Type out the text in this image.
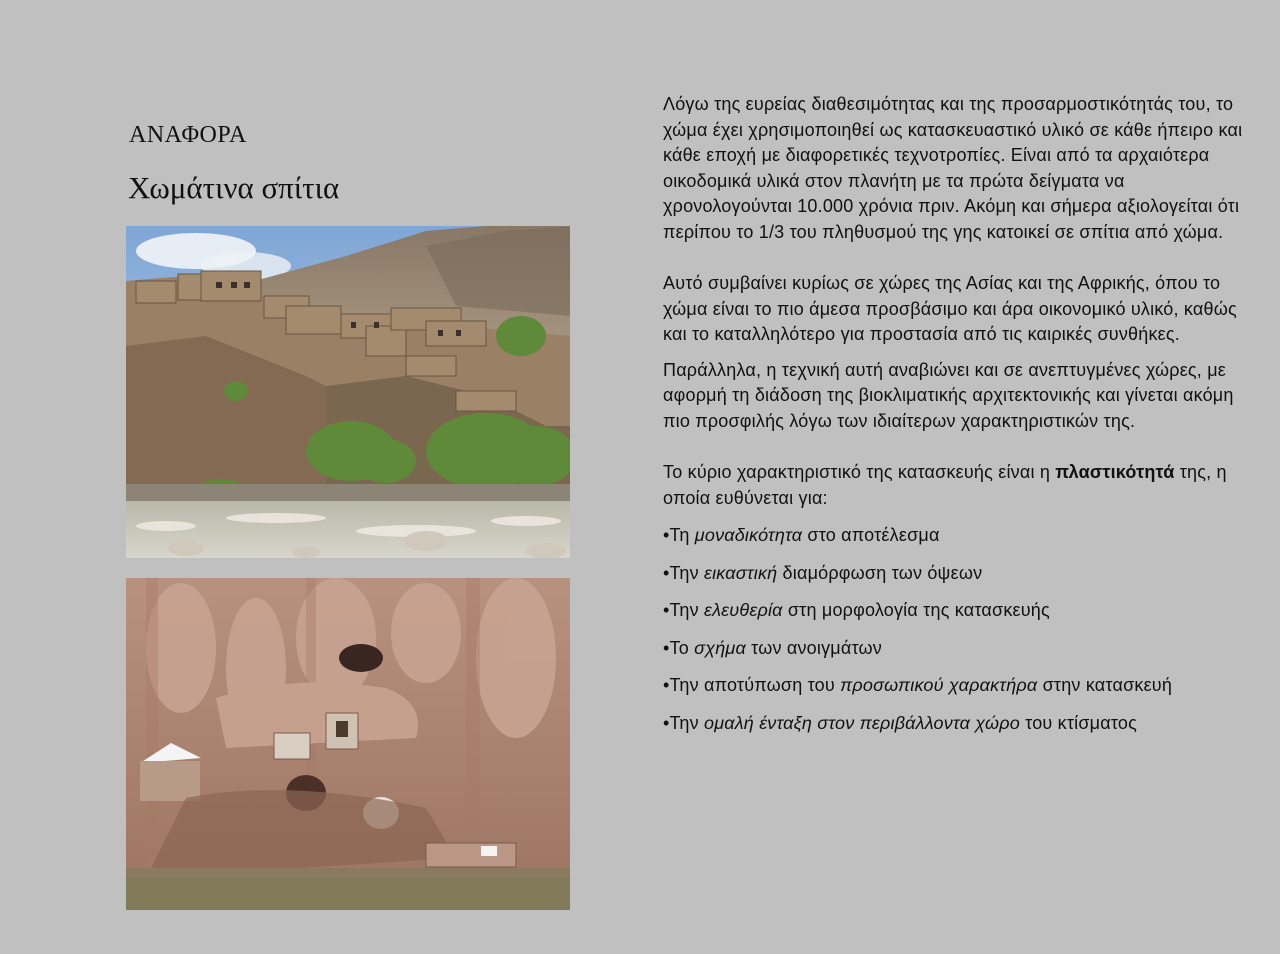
ΑΝΑΦΟΡΑ
Χωμάτινα σπίτια

Λόγω της ευρείας διαθεσιμότητας και της προσαρμοστικότητάς του, το χώμα έχει χρησιμοποιηθεί ως κατασκευαστικό υλικό σε κάθε ήπειρο και κάθε εποχή με διαφορετικές τεχνοτροπίες. Είναι από τα αρχαιότερα οικοδομικά υλικά στον πλανήτη με τα πρώτα δείγματα να χρονολογούνται 10.000 χρόνια πριν. Ακόμη και σήμερα αξιολογείται ότι περίπου το 1/3 του πληθυσμού της γης κατοικεί σε σπίτια από χώμα.

Αυτό συμβαίνει κυρίως σε χώρες της Ασίας και της Αφρικής, όπου το χώμα είναι το πιο άμεσα προσβάσιμο και άρα οικονομικό υλικό, καθώς και το καταλληλότερο για προστασία από τις καιρικές συνθήκες.

Παράλληλα, η τεχνική αυτή αναβιώνει και σε ανεπτυγμένες χώρες, με αφορμή τη διάδοση της βιοκλιματικής αρχιτεκτονικής και γίνεται ακόμη πιο προσφιλής λόγω των ιδιαίτερων χαρακτηριστικών της.

Το κύριο χαρακτηριστικό της κατασκευής είναι η πλαστικότητά της, η οποία ευθύνεται για:

•Τη μοναδικότητα στο αποτέλεσμα

•Την εικαστική διαμόρφωση των όψεων

•Την ελευθερία στη μορφολογία της κατασκευής

•Το σχήμα των ανοιγμάτων

•Την αποτύπωση του προσωπικού χαρακτήρα στην κατασκευή

•Την ομαλή ένταξη στον περιβάλλοντα χώρο του κτίσματος
